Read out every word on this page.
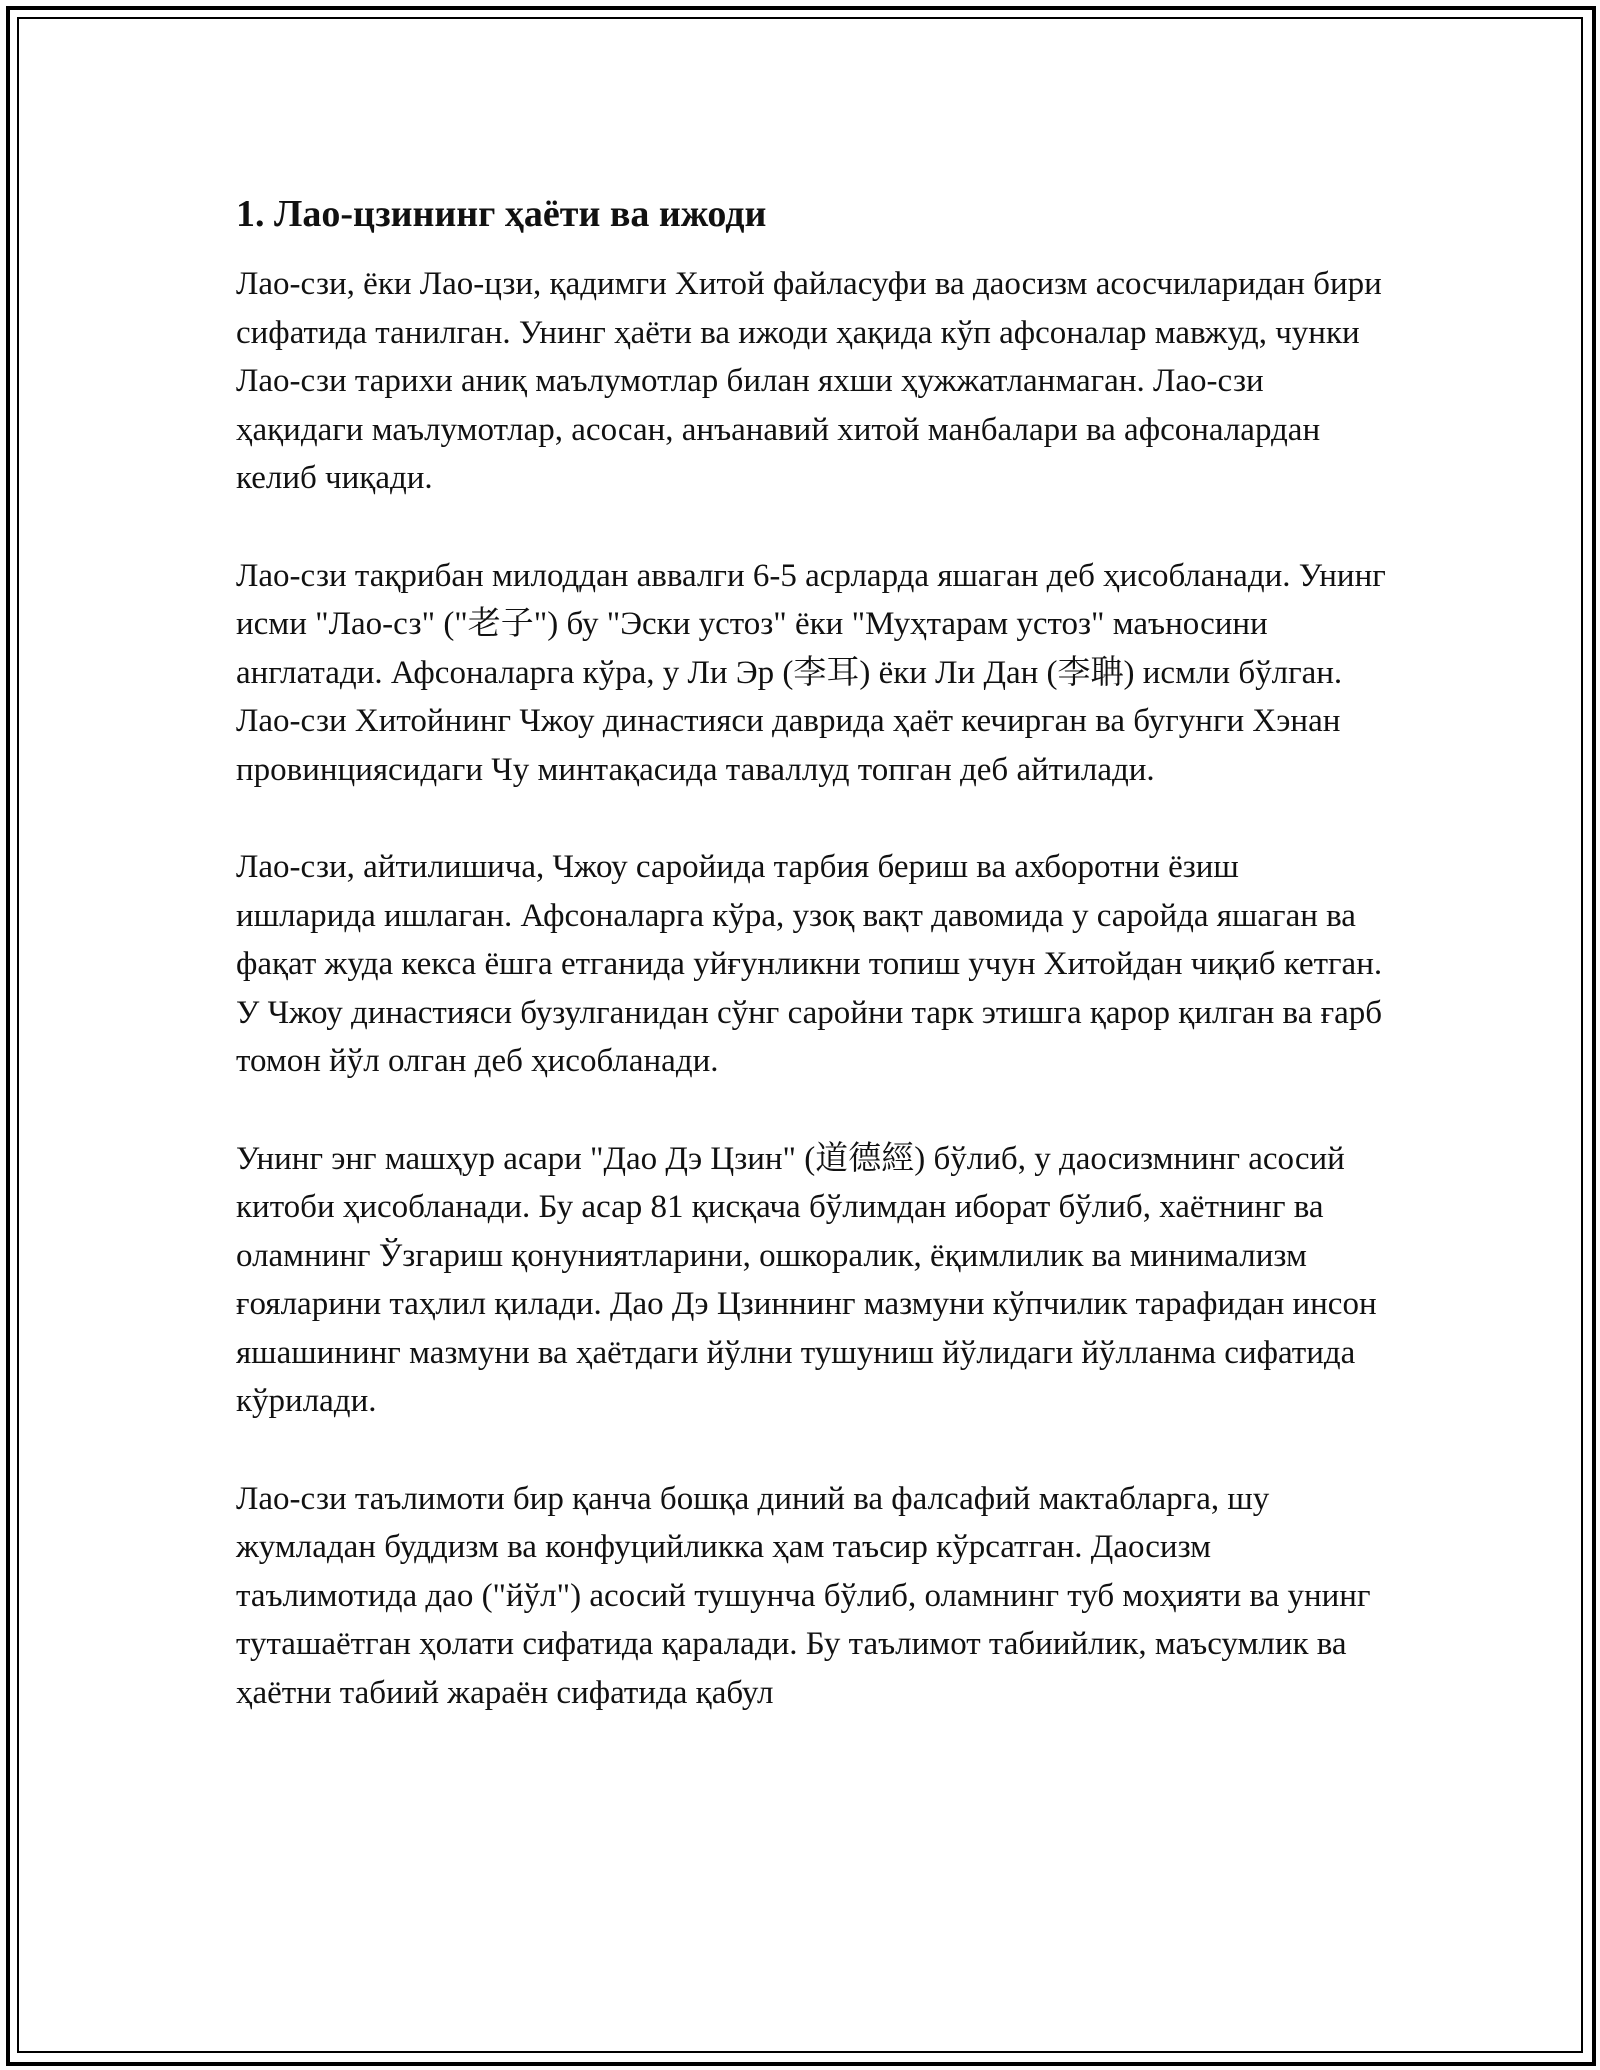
1. Лао-цзининг ҳаёти ва ижоди

Лао-сзи, ёки Лао-цзи, қадимги Хитой файласуфи ва даосизм асосчиларидан бири сифатида танилган. Унинг ҳаёти ва ижоди ҳақида кўп афсоналар мавжуд, чунки Лао-сзи тарихи аниқ маълумотлар билан яхши ҳужжатланмаган. Лао-сзи ҳақидаги маълумотлар, асосан, анъанавий хитой манбалари ва афсоналардан келиб чиқади.

Лао-сзи тақрибан милоддан аввалги 6-5 асрларда яшаган деб ҳисобланади. Унинг исми "Лао-сз" ("老子") бу "Эски устоз" ёки "Муҳтарам устоз" маъносини англатади. Афсоналарга кўра, у Ли Эр (李耳) ёки Ли Дан (李聃) исмли бўлган. Лао-сзи Хитойнинг Чжоу династияси даврида ҳаёт кечирган ва бугунги Хэнан провинциясидаги Чу минтақасида таваллуд топган деб айтилади.

Лао-сзи, айтилишича, Чжоу саройида тарбия бериш ва ахборотни ёзиш ишларида ишлаган. Афсоналарга кўра, узоқ вақт давомида у саройда яшаган ва фақат жуда кекса ёшга етганида уйғунликни топиш учун Хитойдан чиқиб кетган. У Чжоу династияси бузулганидан сўнг саройни тарк этишга қарор қилган ва ғарб томон йўл олган деб ҳисобланади.

Унинг энг машҳур асари "Дао Дэ Цзин" (道德經) бўлиб, у даосизмнинг асосий китоби ҳисобланади. Бу асар 81 қисқача бўлимдан иборат бўлиб, хаётнинг ва оламнинг Ўзгариш қонуниятларини, ошкоралик, ёқимлилик ва минимализм ғояларини таҳлил қилади. Дао Дэ Цзиннинг мазмуни кўпчилик тарафидан инсон яшашининг мазмуни ва ҳаётдаги йўлни тушуниш йўлидаги йўлланма сифатида кўрилади.

Лао-сзи таълимоти бир қанча бошқа диний ва фалсафий мактабларга, шу жумладан буддизм ва конфуцийликка ҳам таъсир кўрсатган. Даосизм таълимотида дао ("йўл") асосий тушунча бўлиб, оламнинг туб моҳияти ва унинг туташаётган ҳолати сифатида қаралади. Бу таълимот табиийлик, маъсумлик ва ҳаётни табиий жараён сифатида қабул
